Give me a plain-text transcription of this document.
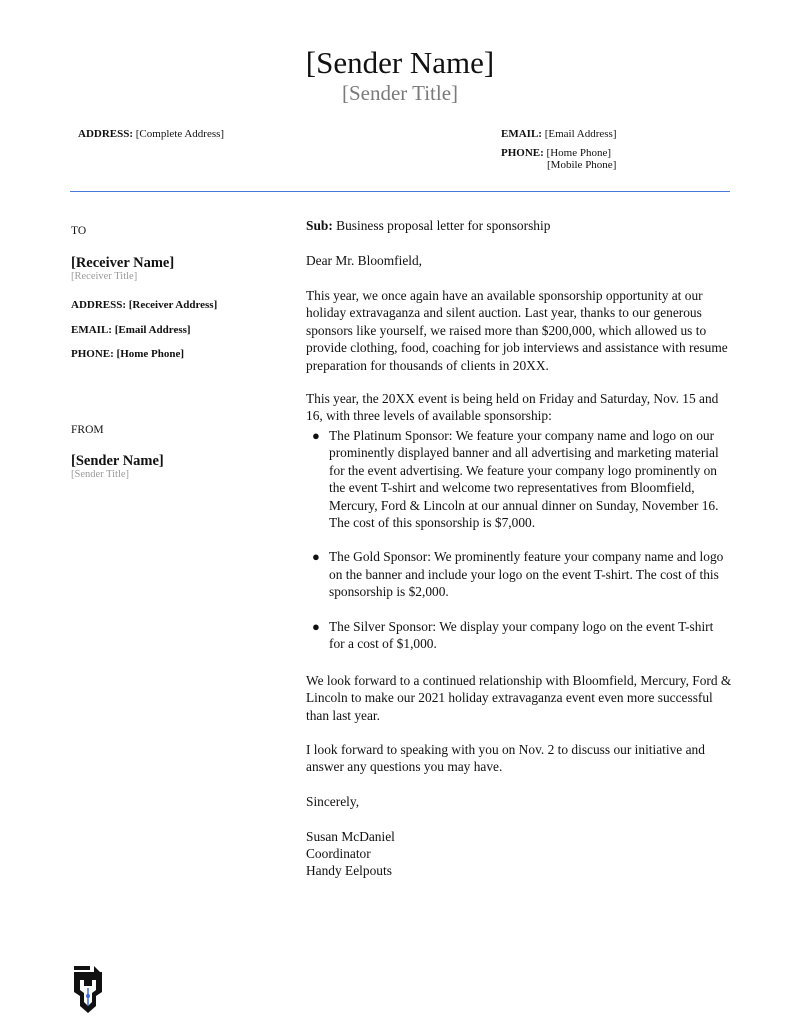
[Sender Name]
[Sender Title]
ADDRESS: [Complete Address]	EMAIL: [Email Address]
PHONE: [Home Phone]
[Mobile Phone]
TO
[Receiver Name]
[Receiver Title]
ADDRESS: [Receiver Address]
EMAIL: [Email Address]
PHONE: [Home Phone]
FROM
[Sender Name]
[Sender Title]
Sub: Business proposal letter for sponsorship
Dear Mr. Bloomfield,
This year, we once again have an available sponsorship opportunity at our holiday extravaganza and silent auction. Last year, thanks to our generous sponsors like yourself, we raised more than $200,000, which allowed us to provide clothing, food, coaching for job interviews and assistance with resume preparation for thousands of clients in 20XX.
This year, the 20XX event is being held on Friday and Saturday, Nov. 15 and 16, with three levels of available sponsorship:
● The Platinum Sponsor: We feature your company name and logo on our prominently displayed banner and all advertising and marketing material for the event advertising. We feature your company logo prominently on the event T-shirt and welcome two representatives from Bloomfield, Mercury, Ford & Lincoln at our annual dinner on Sunday, November 16. The cost of this sponsorship is $7,000.
● The Gold Sponsor: We prominently feature your company name and logo on the banner and include your logo on the event T-shirt. The cost of this sponsorship is $2,000.
● The Silver Sponsor: We display your company logo on the event T-shirt for a cost of $1,000.
We look forward to a continued relationship with Bloomfield, Mercury, Ford & Lincoln to make our 2021 holiday extravaganza event even more successful than last year.
I look forward to speaking with you on Nov. 2 to discuss our initiative and answer any questions you may have.
Sincerely,
Susan McDaniel
Coordinator
Handy Eelpouts
